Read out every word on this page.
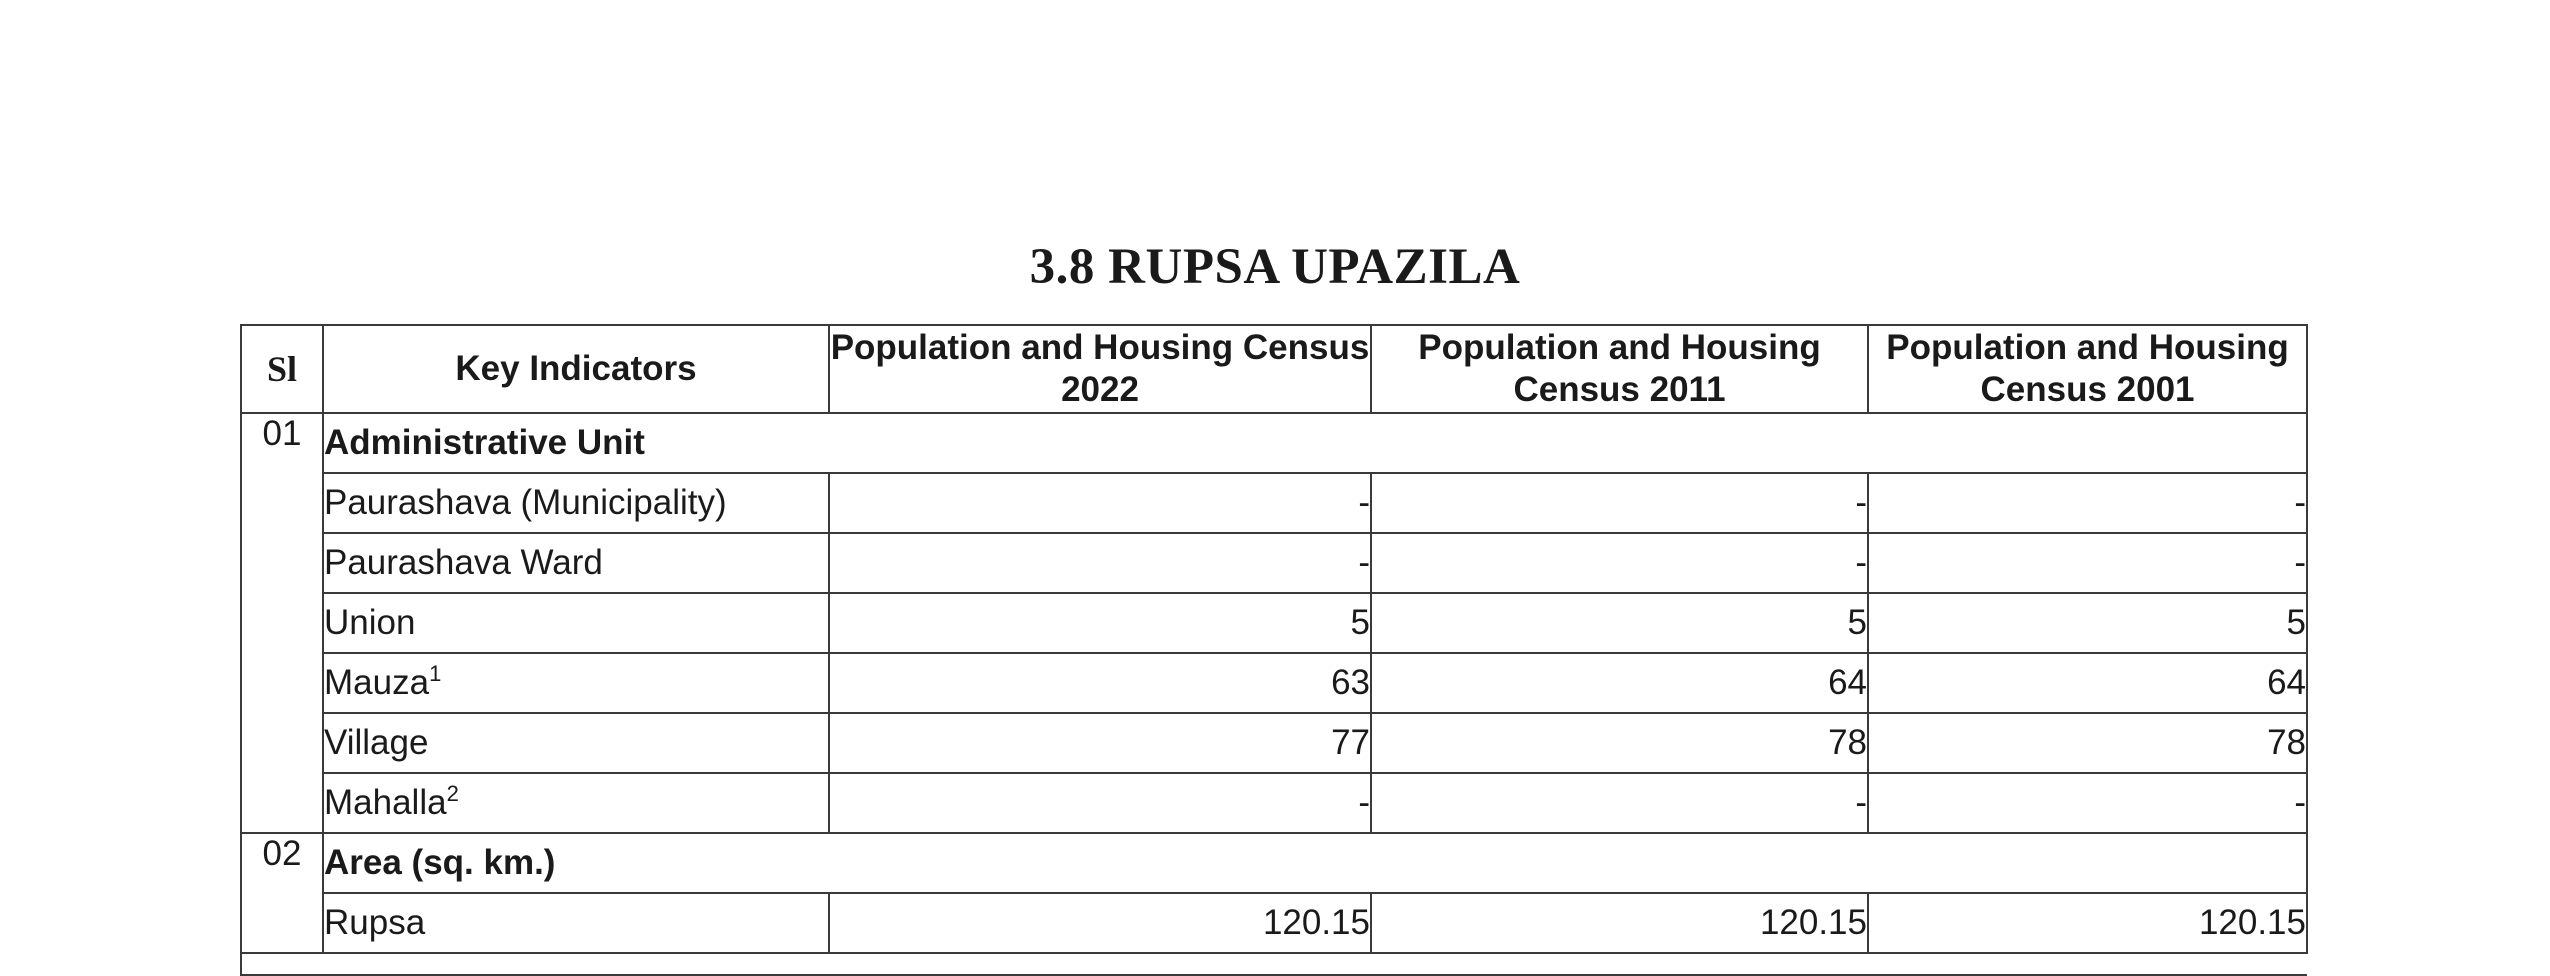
3.8 RUPSA UPAZILA
Sl	Key Indicators	Population and Housing Census 2022	Population and Housing Census 2011	Population and Housing Census 2001
01	Administrative Unit			
	Paurashava (Municipality)	-	-	-
	Paurashava Ward	-	-	-
	Union	5	5	5
	Mauza$^1$	63	64	64
	Village	77	78	78
	Mahalla$^2$	-	-	-
02	Area (sq. km.)			
	Rupsa	120.15	120.15	120.15
